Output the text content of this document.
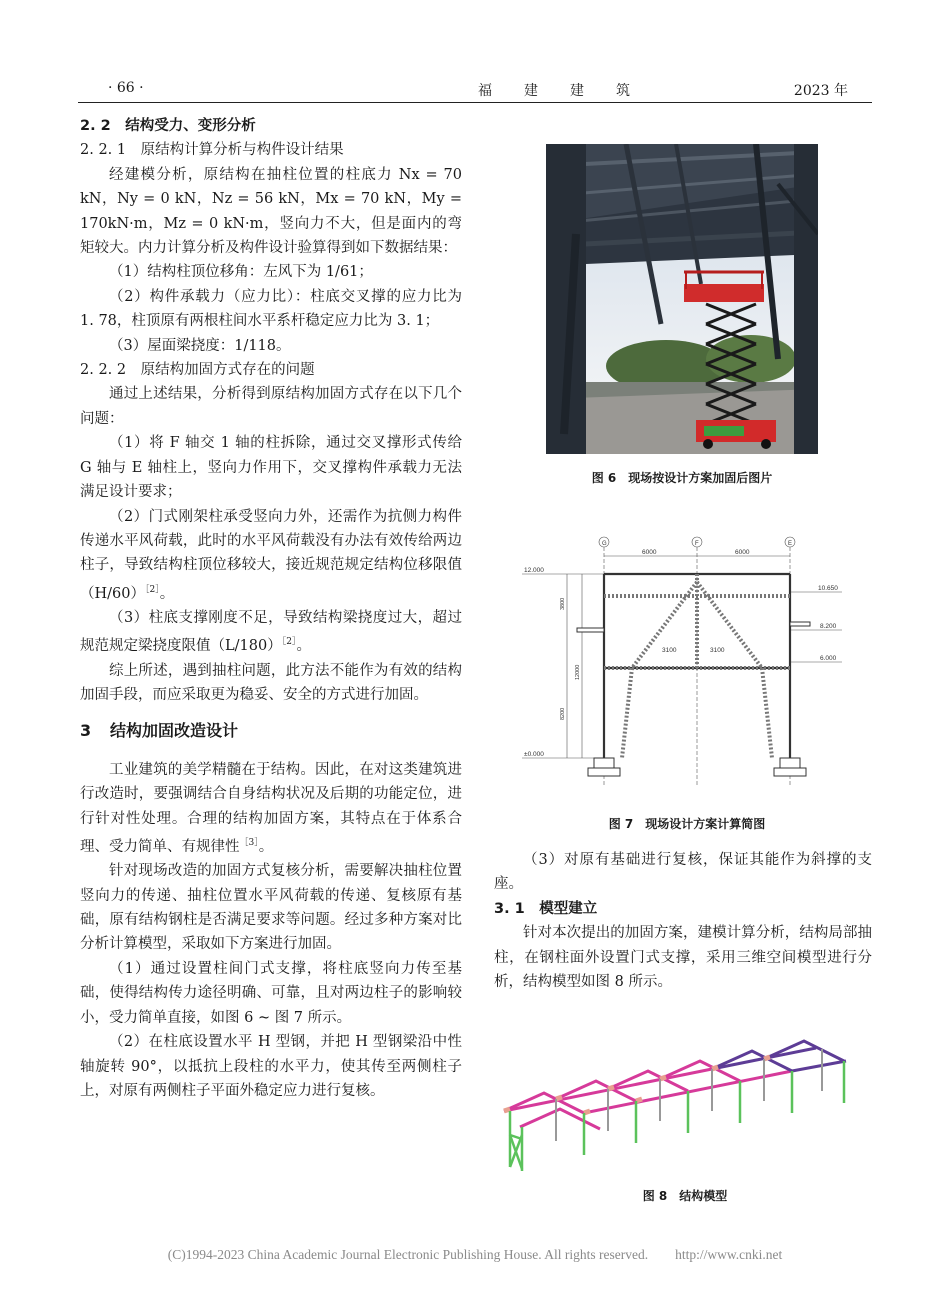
· 66 ·	福建建筑	2023 年

2. 2　结构受力、变形分析

2. 2. 1　原结构计算分析与构件设计结果

经建模分析，原结构在抽柱位置的柱底力 Nx = 70 kN，Ny = 0 kN，Nz = 56 kN，Mx = 70 kN，My = 170kN·m，Mz = 0 kN·m，竖向力不大，但是面内的弯矩较大。内力计算分析及构件设计验算得到如下数据结果：

（1）结构柱顶位移角：左风下为 1/61；

（2）构件承载力（应力比）：柱底交叉撑的应力比为 1. 78，柱顶原有两根柱间水平系杆稳定应力比为 3. 1；

（3）屋面梁挠度：1/118。

2. 2. 2　原结构加固方式存在的问题

通过上述结果，分析得到原结构加固方式存在以下几个问题：

（1）将 F 轴交 1 轴的柱拆除，通过交叉撑形式传给 G 轴与 E 轴柱上，竖向力作用下，交叉撑构件承载力无法满足设计要求；

（2）门式刚架柱承受竖向力外，还需作为抗侧力构件传递水平风荷载，此时的水平风荷载没有办法有效传给两边柱子，导致结构柱顶位移较大，接近规范规定结构位移限值$(H/60)^{[2]}$。

（3）柱底支撑刚度不足，导致结构梁挠度过大，超过规范规定梁挠度限值$(L/180)^{[2]}$。

综上所述，遇到抽柱问题，此方法不能作为有效的结构加固手段，而应采取更为稳妥、安全的方式进行加固。

3 结构加固改造设计

工业建筑的美学精髓在于结构。因此，在对这类建筑进行改造时，要强调结合自身结构状况及后期的功能定位，进行针对性处理。合理的结构加固方案，其特点在于体系合理、受力简单、有规律性$^{[3]}$。

针对现场改造的加固方式复核分析，需要解决抽柱位置竖向力的传递、抽柱位置水平风荷载的传递、复核原有基础，原有结构钢柱是否满足要求等问题。经过多种方案对比分析计算模型，采取如下方案进行加固。

（1）通过设置柱间门式支撑，将柱底竖向力传至基础，使得结构传力途径明确、可靠，且对两边柱子的影响较小，受力简单直接，如图 6 ~ 图 7 所示。

（2）在柱底设置水平 H 型钢，并把 H 型钢梁沿中性轴旋转 90°，以抵抗上段柱的水平力，使其传至两侧柱子上，对原有两侧柱子平面外稳定应力进行复核。

图 6　现场按设计方案加固后图片
G	F	E
6000	6000
12.000
10.650
8.200
6.000
±0.000
3100	3100
3800
12000
8200
图 7　现场设计方案计算简图

（3）对原有基础进行复核，保证其能作为斜撑的支座。

3. 1　模型建立

针对本次提出的加固方案，建模计算分析，结构局部抽柱，在钢柱面外设置门式支撑，采用三维空间模型进行分析，结构模型如图 8 所示。

图 8　结构模型
(C)1994-2023 China Academic Journal Electronic Publishing House. All rights reserved.　　http://www.cnki.net
